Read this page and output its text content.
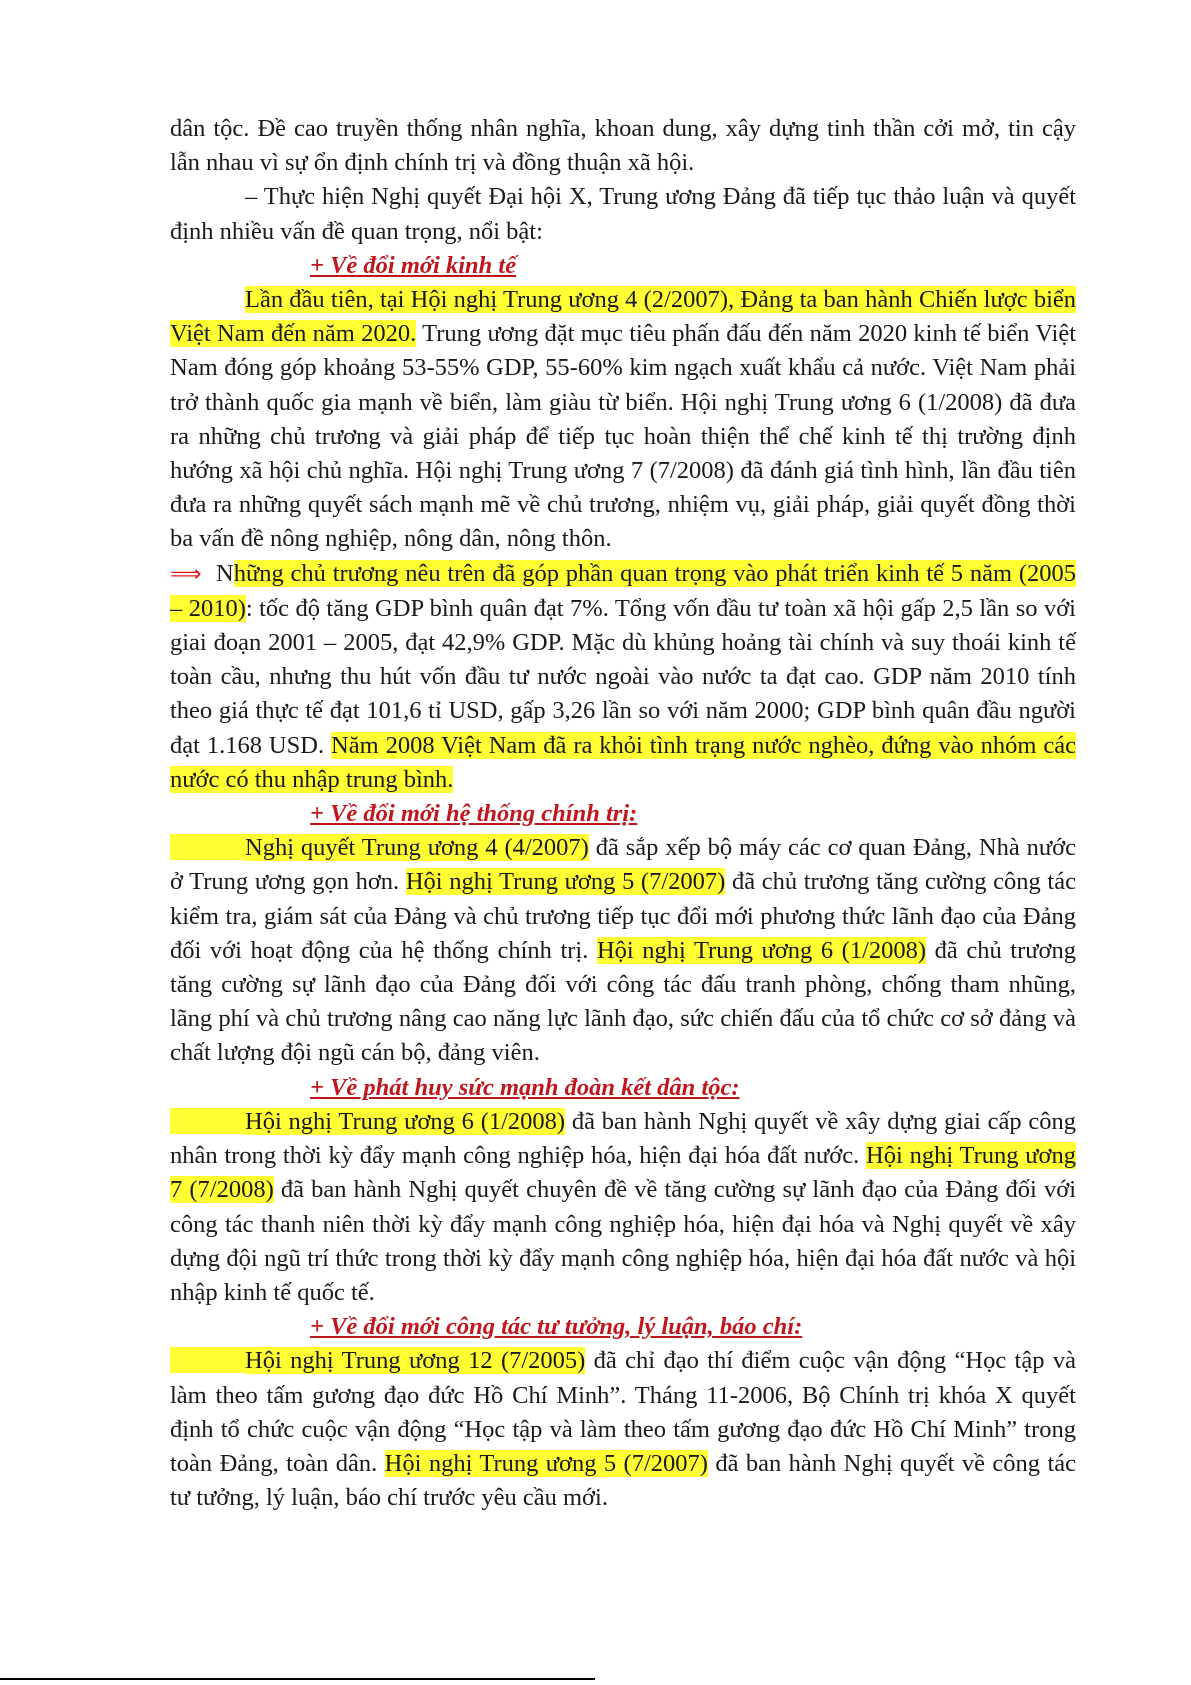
dân tộc. Đề cao truyền thống nhân nghĩa, khoan dung, xây dựng tinh thần cởi mở, tin cậy lẫn nhau vì sự ổn định chính trị và đồng thuận xã hội.

– Thực hiện Nghị quyết Đại hội X, Trung ương Đảng đã tiếp tục thảo luận và quyết định nhiều vấn đề quan trọng, nổi bật:

+ Về đổi mới kinh tế

Lần đầu tiên, tại Hội nghị Trung ương 4 (2/2007), Đảng ta ban hành Chiến lược biển Việt Nam đến năm 2020. Trung ương đặt mục tiêu phấn đấu đến năm 2020 kinh tế biển Việt Nam đóng góp khoảng 53-55% GDP, 55-60% kim ngạch xuất khẩu cả nước. Việt Nam phải trở thành quốc gia mạnh về biển, làm giàu từ biển. Hội nghị Trung ương 6 (1/2008) đã đưa ra những chủ trương và giải pháp để tiếp tục hoàn thiện thể chế kinh tế thị trường định hướng xã hội chủ nghĩa. Hội nghị Trung ương 7 (7/2008) đã đánh giá tình hình, lần đầu tiên đưa ra những quyết sách mạnh mẽ về chủ trương, nhiệm vụ, giải pháp, giải quyết đồng thời ba vấn đề nông nghiệp, nông dân, nông thôn.

⟹ Những chủ trương nêu trên đã góp phần quan trọng vào phát triển kinh tế 5 năm (2005 – 2010): tốc độ tăng GDP bình quân đạt 7%. Tổng vốn đầu tư toàn xã hội gấp 2,5 lần so với giai đoạn 2001 – 2005, đạt 42,9% GDP. Mặc dù khủng hoảng tài chính và suy thoái kinh tế toàn cầu, nhưng thu hút vốn đầu tư nước ngoài vào nước ta đạt cao. GDP năm 2010 tính theo giá thực tế đạt 101,6 tỉ USD, gấp 3,26 lần so với năm 2000; GDP bình quân đầu người đạt 1.168 USD. Năm 2008 Việt Nam đã ra khỏi tình trạng nước nghèo, đứng vào nhóm các nước có thu nhập trung bình.

+ Về đổi mới hệ thống chính trị:

Nghị quyết Trung ương 4 (4/2007) đã sắp xếp bộ máy các cơ quan Đảng, Nhà nước ở Trung ương gọn hơn. Hội nghị Trung ương 5 (7/2007) đã chủ trương tăng cường công tác kiểm tra, giám sát của Đảng và chủ trương tiếp tục đổi mới phương thức lãnh đạo của Đảng đối với hoạt động của hệ thống chính trị. Hội nghị Trung ương 6 (1/2008) đã chủ trương tăng cường sự lãnh đạo của Đảng đối với công tác đấu tranh phòng, chống tham nhũng, lãng phí và chủ trương nâng cao năng lực lãnh đạo, sức chiến đấu của tổ chức cơ sở đảng và chất lượng đội ngũ cán bộ, đảng viên.

+ Về phát huy sức mạnh đoàn kết dân tộc:

Hội nghị Trung ương 6 (1/2008) đã ban hành Nghị quyết về xây dựng giai cấp công nhân trong thời kỳ đẩy mạnh công nghiệp hóa, hiện đại hóa đất nước. Hội nghị Trung ương 7 (7/2008) đã ban hành Nghị quyết chuyên đề về tăng cường sự lãnh đạo của Đảng đối với công tác thanh niên thời kỳ đẩy mạnh công nghiệp hóa, hiện đại hóa và Nghị quyết về xây dựng đội ngũ trí thức trong thời kỳ đẩy mạnh công nghiệp hóa, hiện đại hóa đất nước và hội nhập kinh tế quốc tế.

+ Về đổi mới công tác tư tưởng, lý luận, báo chí:

Hội nghị Trung ương 12 (7/2005) đã chỉ đạo thí điểm cuộc vận động “Học tập và làm theo tấm gương đạo đức Hồ Chí Minh”. Tháng 11-2006, Bộ Chính trị khóa X quyết định tổ chức cuộc vận động “Học tập và làm theo tấm gương đạo đức Hồ Chí Minh” trong toàn Đảng, toàn dân. Hội nghị Trung ương 5 (7/2007) đã ban hành Nghị quyết về công tác tư tưởng, lý luận, báo chí trước yêu cầu mới.
